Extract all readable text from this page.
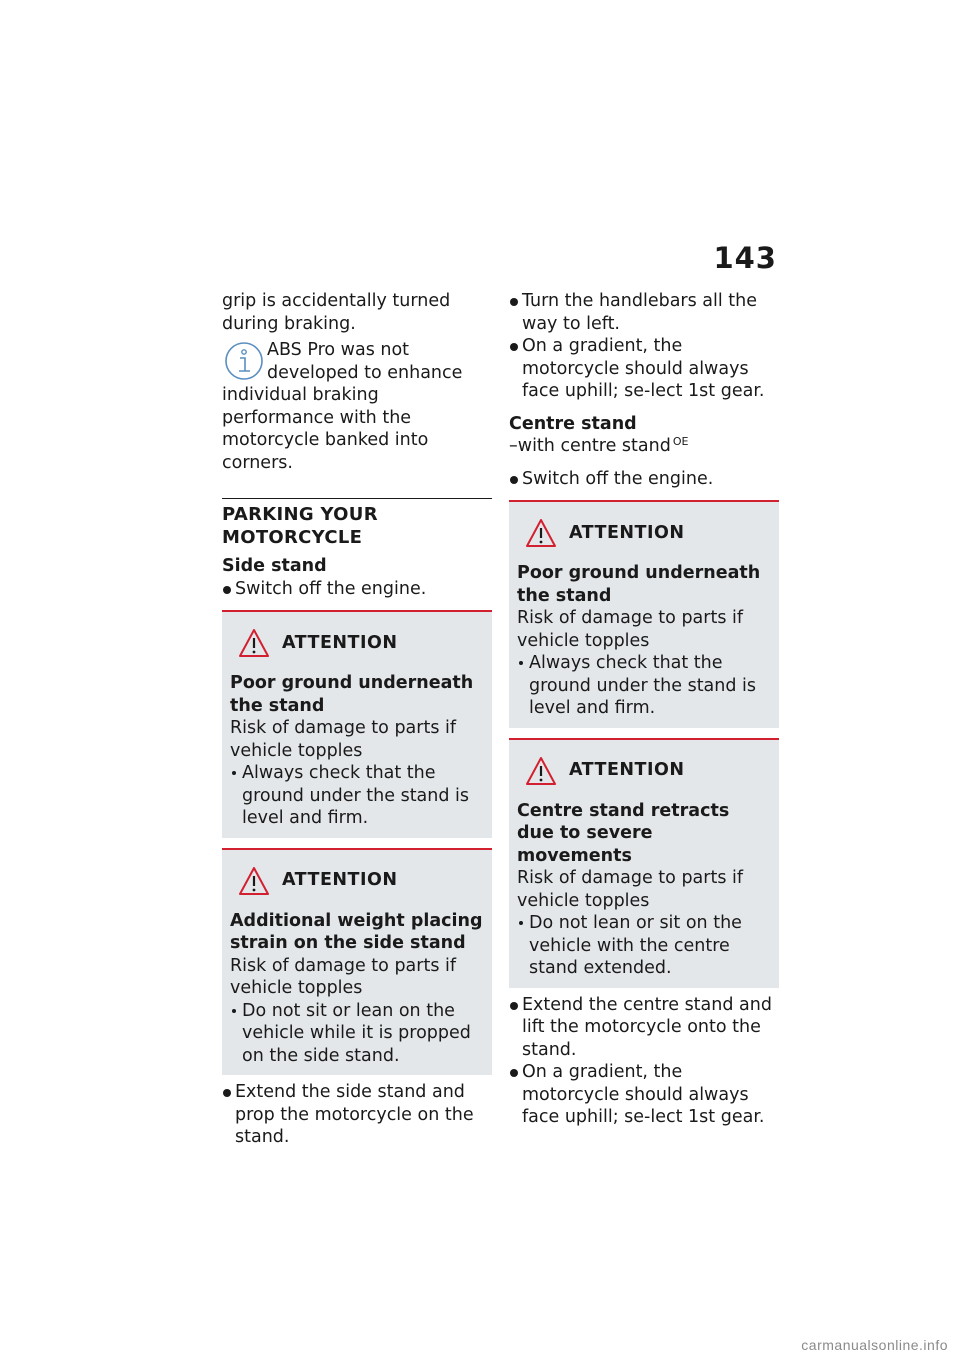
143

grip is accidentally turned during braking.

ABS Pro was not developed to enhance

individual braking performance with the motorcycle banked into corners.

PARKING YOUR
MOTORCYCLE

Side stand

Switch off the engine.

ATTENTION

Poor ground underneath the stand

Risk of damage to parts if vehicle topples

Always check that the ground under the stand is level and firm.

ATTENTION

Additional weight placing strain on the side stand

Risk of damage to parts if vehicle topples

Do not sit or lean on the vehicle while it is propped on the side stand.

Extend the side stand and prop the motorcycle on the stand.

Turn the handlebars all the way to left.

On a gradient, the motorcycle should always face uphill; se-lect 1st gear.

Centre stand

–with centre stand OE

Switch off the engine.

ATTENTION

Poor ground underneath the stand

Risk of damage to parts if vehicle topples

Always check that the ground under the stand is level and firm.

ATTENTION

Centre stand retracts due to severe movements

Risk of damage to parts if vehicle topples

Do not lean or sit on the vehicle with the centre stand extended.

Extend the centre stand and lift the motorcycle onto the stand.

On a gradient, the motorcycle should always face uphill; se-lect 1st gear.

carmanualsonline.info
